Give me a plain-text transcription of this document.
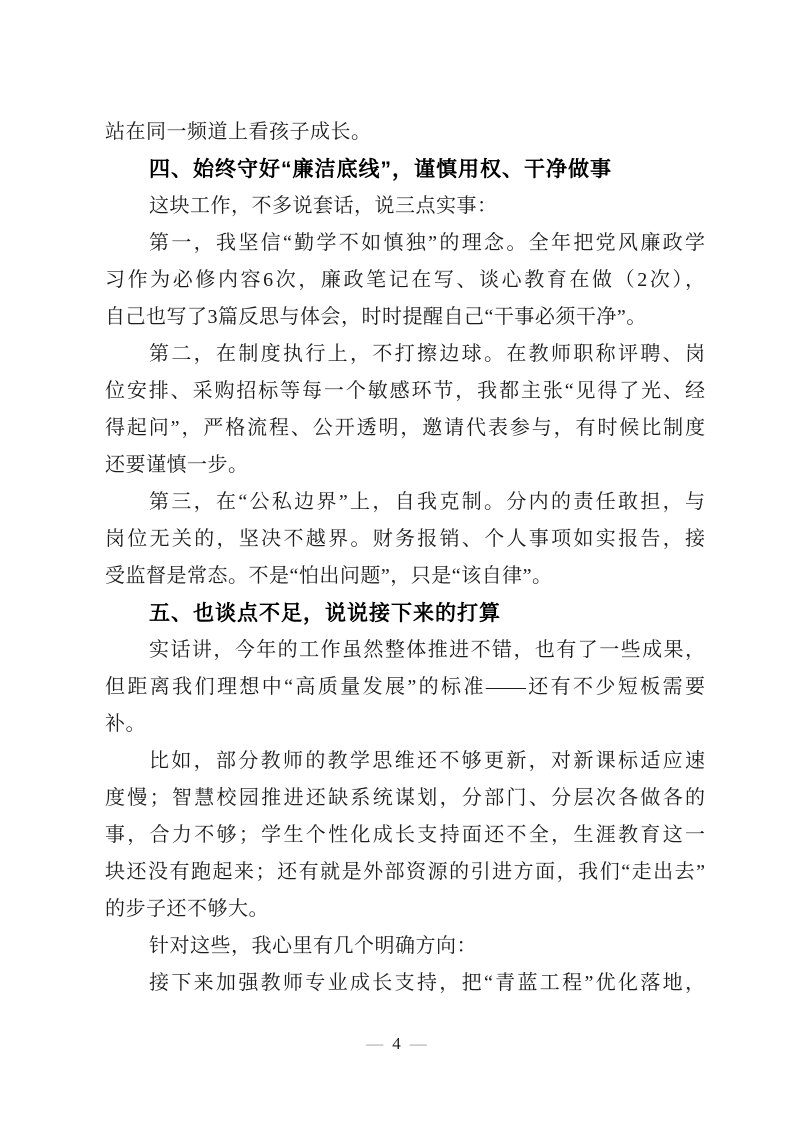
站在同一频道上看孩子成长。
四、始终守好“廉洁底线”，谨慎用权、干净做事
这块工作，不多说套话，说三点实事：
第一，我坚信“勤学不如慎独”的理念。全年把党风廉政学
习作为必修内容6次，廉政笔记在写、谈心教育在做（2次），
自己也写了3篇反思与体会，时时提醒自己“干事必须干净”。
第二，在制度执行上，不打擦边球。在教师职称评聘、岗
位安排、采购招标等每一个敏感环节，我都主张“见得了光、经
得起问”，严格流程、公开透明，邀请代表参与，有时候比制度
还要谨慎一步。
第三，在“公私边界”上，自我克制。分内的责任敢担，与
岗位无关的，坚决不越界。财务报销、个人事项如实报告，接
受监督是常态。不是“怕出问题”，只是“该自律”。
五、也谈点不足，说说接下来的打算
实话讲，今年的工作虽然整体推进不错，也有了一些成果，
但距离我们理想中“高质量发展”的标准——还有不少短板需要
补。
比如，部分教师的教学思维还不够更新，对新课标适应速
度慢；智慧校园推进还缺系统谋划，分部门、分层次各做各的
事，合力不够；学生个性化成长支持面还不全，生涯教育这一
块还没有跑起来；还有就是外部资源的引进方面，我们“走出去”
的步子还不够大。
针对这些，我心里有几个明确方向：
接下来加强教师专业成长支持，把“青蓝工程”优化落地，
— 4 —
